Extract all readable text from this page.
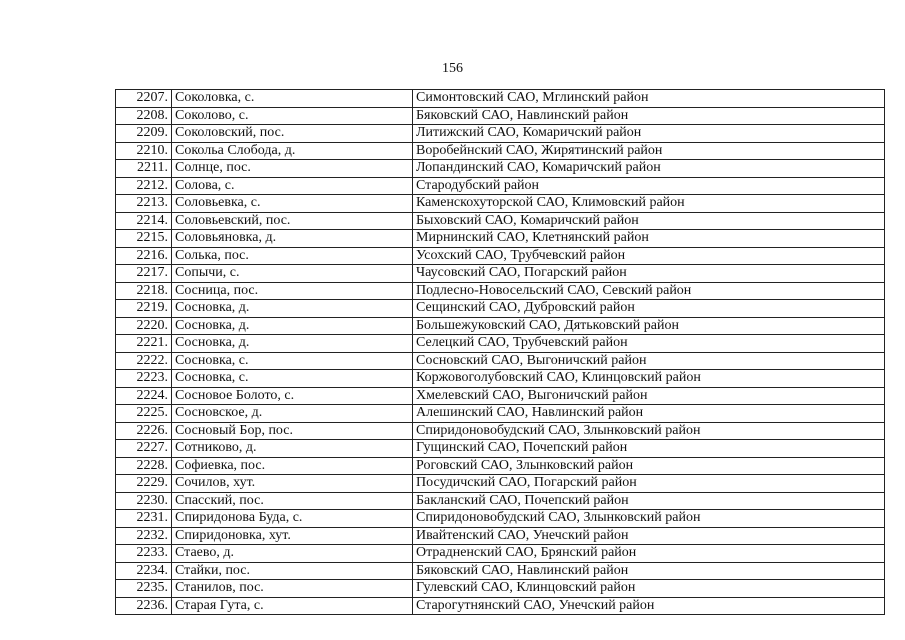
156
2207.	Соколовка, с.	Симонтовский САО, Мглинский район
2208.	Соколово, с.	Бяковский САО, Навлинский район
2209.	Соколовский, пос.	Литижский САО, Комаричский район
2210.	Сокольа Слобода, д.	Воробейнский САО, Жирятинский район
2211.	Солнце, пос.	Лопандинский САО, Комаричский район
2212.	Солова, с.	Стародубский район
2213.	Соловьевка, с.	Каменскохуторской САО, Климовский район
2214.	Соловьевский, пос.	Быховский САО, Комаричский район
2215.	Соловьяновка, д.	Мирнинский САО, Клетнянский район
2216.	Солька, пос.	Усохский САО, Трубчевский район
2217.	Сопычи, с.	Чаусовский САО, Погарский район
2218.	Сосница, пос.	Подлесно-Новосельский САО, Севский район
2219.	Сосновка, д.	Сещинский САО, Дубровский район
2220.	Сосновка, д.	Большежуковский САО, Дятьковский район
2221.	Сосновка, д.	Селецкий САО, Трубчевский район
2222.	Сосновка, с.	Сосновский САО, Выгоничский район
2223.	Сосновка, с.	Коржовоголубовский САО, Клинцовский район
2224.	Сосновое Болото, с.	Хмелевский САО, Выгоничский район
2225.	Сосновское, д.	Алешинский САО, Навлинский район
2226.	Сосновый Бор, пос.	Спиридоновобудский САО, Злынковский район
2227.	Сотниково, д.	Гущинский САО, Почепский район
2228.	Софиевка, пос.	Роговский САО, Злынковский район
2229.	Сочилов, хут.	Посудичский САО, Погарский район
2230.	Спасский, пос.	Бакланский САО, Почепский район
2231.	Спиридонова Буда, с.	Спиридоновобудский САО, Злынковский район
2232.	Спиридоновка, хут.	Ивайтенский САО, Унечский район
2233.	Стаево, д.	Отрадненский САО, Брянский район
2234.	Стайки, пос.	Бяковский САО, Навлинский район
2235.	Станилов, пос.	Гулевский САО, Клинцовский район
2236.	Старая Гута, с.	Старогутнянский САО, Унечский район
